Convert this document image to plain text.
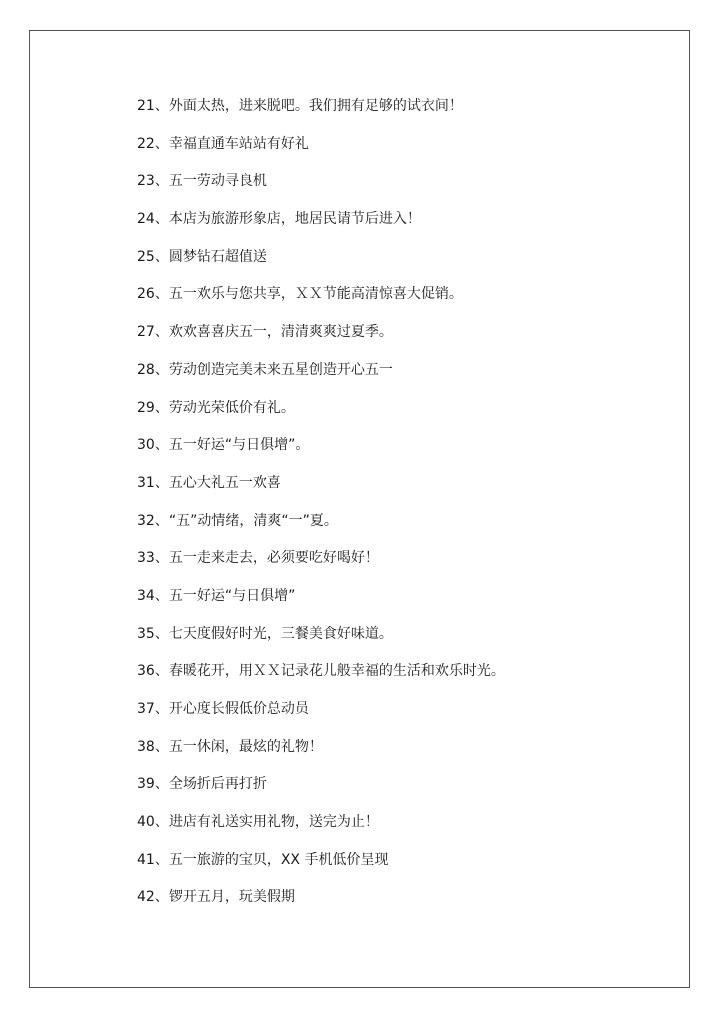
21、外面太热，进来脱吧。我们拥有足够的试衣间！
22、幸福直通车站站有好礼
23、五一劳动寻良机
24、本店为旅游形象店，地居民请节后进入！
25、圆梦钻石超值送
26、五一欢乐与您共享，ＸＸ节能高清惊喜大促销。
27、欢欢喜喜庆五一，清清爽爽过夏季。
28、劳动创造完美未来五星创造开心五一
29、劳动光荣低价有礼。
30、五一好运“与日俱增”。
31、五心大礼五一欢喜
32、“五”动情绪，清爽“一”夏。
33、五一走来走去，必须要吃好喝好！
34、五一好运“与日俱增”
35、七天度假好时光，三餐美食好味道。
36、春暖花开，用ＸＸ记录花儿般幸福的生活和欢乐时光。
37、开心度长假低价总动员
38、五一休闲，最炫的礼物！
39、全场折后再打折
40、进店有礼送实用礼物，送完为止！
41、五一旅游的宝贝，XX 手机低价呈现
42、锣开五月，玩美假期
